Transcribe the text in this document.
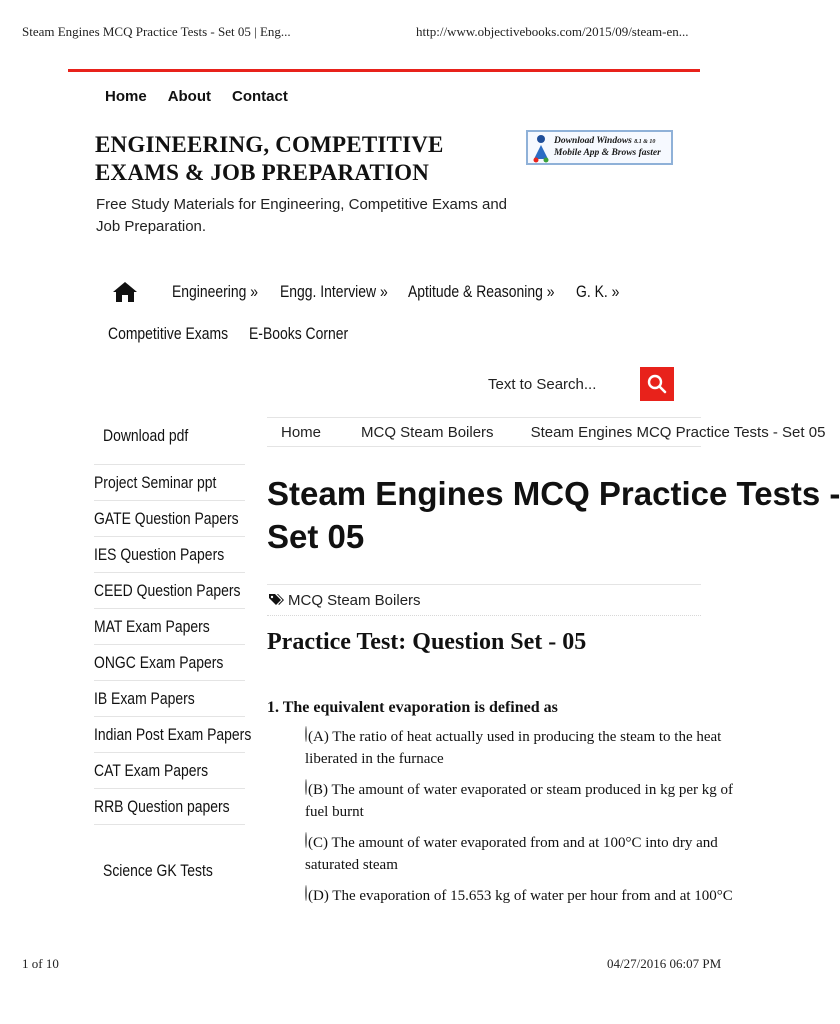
Steam Engines MCQ Practice Tests - Set 05 | Eng...	http://www.objectivebooks.com/2015/09/steam-en...
Home About Contact
ENGINEERING, COMPETITIVE EXAMS & JOB PREPARATION
Free Study Materials for Engineering, Competitive Exams and Job Preparation.
Download Windows 8.1 & 10
Mobile App & Brows faster
Engineering »	Engg. Interview »	Aptitude & Reasoning »	G. K. »
Competitive Exams	E-Books Corner
Text to Search...
Download pdf
Project Seminar ppt
GATE Question Papers
IES Question Papers
CEED Question Papers
MAT Exam Papers
ONGC Exam Papers
IB Exam Papers
Indian Post Exam Papers
CAT Exam Papers
RRB Question papers
Science GK Tests
Home	MCQ Steam Boilers Steam Engines MCQ Practice Tests - Set 05
Steam Engines MCQ Practice Tests -
Set 05
MCQ Steam Boilers
Practice Test: Question Set - 05
1. The equivalent evaporation is defined as
(A) The ratio of heat actually used in producing the steam to the heat
liberated in the furnace
(B) The amount of water evaporated or steam produced in kg per kg of
fuel burnt
(C) The amount of water evaporated from and at 100°C into dry and
saturated steam
(D) The evaporation of 15.653 kg of water per hour from and at 100°C
1 of 10	04/27/2016 06:07 PM
